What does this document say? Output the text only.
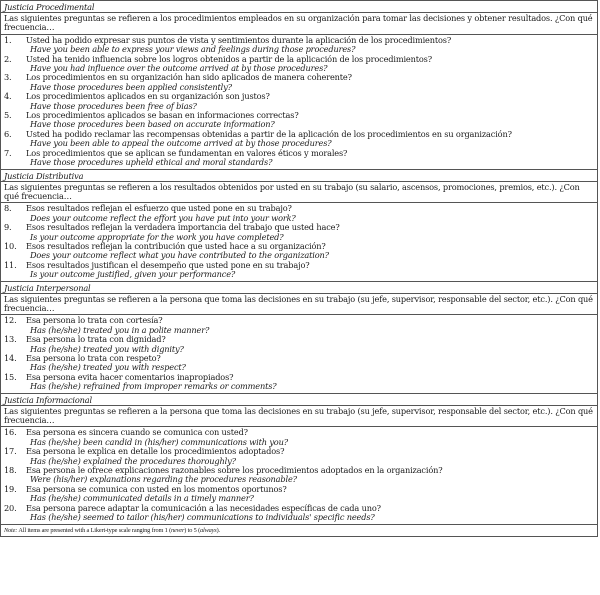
Justicia Procedimental
Las siguientes preguntas se refieren a los procedimientos empleados en su organización para tomar las decisiones y obtener resultados. ¿Con qué frecuencia…
1.	Usted ha podido expresar sus puntos de vista y sentimientos durante la aplicación de los procedimientos?
Have you been able to express your views and feelings during those procedures?
2.	Usted ha tenido influencia sobre los logros obtenidos a partir de la aplicación de los procedimientos?
Have you had influence over the outcome arrived at by those procedures?
3.	Los procedimientos en su organización han sido aplicados de manera coherente?
Have those procedures been applied consistently?
4.	Los procedimientos aplicados en su organización son justos?
Have those procedures been free of bias?
5.	Los procedimientos aplicados se basan en informaciones correctas?
Have those procedures been based on accurate information?
6.	Usted ha podido reclamar las recompensas obtenidas a partir de la aplicación de los procedimientos en su organización?
Have you been able to appeal the outcome arrived at by those procedures?
7.	Los procedimientos que se aplican se fundamentan en valores éticos y morales?
Have those procedures upheld ethical and moral standards?
Justicia Distributiva
Las siguientes preguntas se refieren a los resultados obtenidos por usted en su trabajo (su salario, ascensos, promociones, premios, etc.). ¿Con qué frecuencia…
8.	Esos resultados reflejan el esfuerzo que usted pone en su trabajo?
Does your outcome reflect the effort you have put into your work?
9.	Esos resultados reflejan la verdadera importancia del trabajo que usted hace?
Is your outcome appropriate for the work you have completed?
10.	Esos resultados reflejan la contribución que usted hace a su organización?
Does your outcome reflect what you have contributed to the organization?
11.	Esos resultados justifican el desempeño que usted pone en su trabajo?
Is your outcome justified, given your performance?
Justicia Interpersonal
Las siguientes preguntas se refieren a la persona que toma las decisiones en su trabajo (su jefe, supervisor, responsable del sector, etc.). ¿Con qué frecuencia…
12.	Esa persona lo trata con cortesía?
Has (he/she) treated you in a polite manner?
13.	Esa persona lo trata con dignidad?
Has (he/she) treated you with dignity?
14.	Esa persona lo trata con respeto?
Has (he/she) treated you with respect?
15.	Esa persona evita hacer comentarios inapropiados?
Has (he/she) refrained from improper remarks or comments?
Justicia Informacional
Las siguientes preguntas se refieren a la persona que toma las decisiones en su trabajo (su jefe, supervisor, responsable del sector, etc.). ¿Con qué frecuencia…
16.	Esa persona es sincera cuando se comunica con usted?
Has (he/she) been candid in (his/her) communications with you?
17.	Esa persona le explica en detalle los procedimientos adoptados?
Has (he/she) explained the procedures thoroughly?
18.	Esa persona le ofrece explicaciones razonables sobre los procedimientos adoptados en la organización?
Were (his/her) explanations regarding the procedures reasonable?
19.	Esa persona se comunica con usted en los momentos oportunos?
Has (he/she) communicated details in a timely manner?
20.	Esa persona parece adaptar la comunicación a las necesidades específicas de cada uno?
Has (he/she) seemed to tailor (his/her) communications to individuals' specific needs?
Note: All items are presented with a Likert-type scale ranging from 1 (never) to 5 (always).
